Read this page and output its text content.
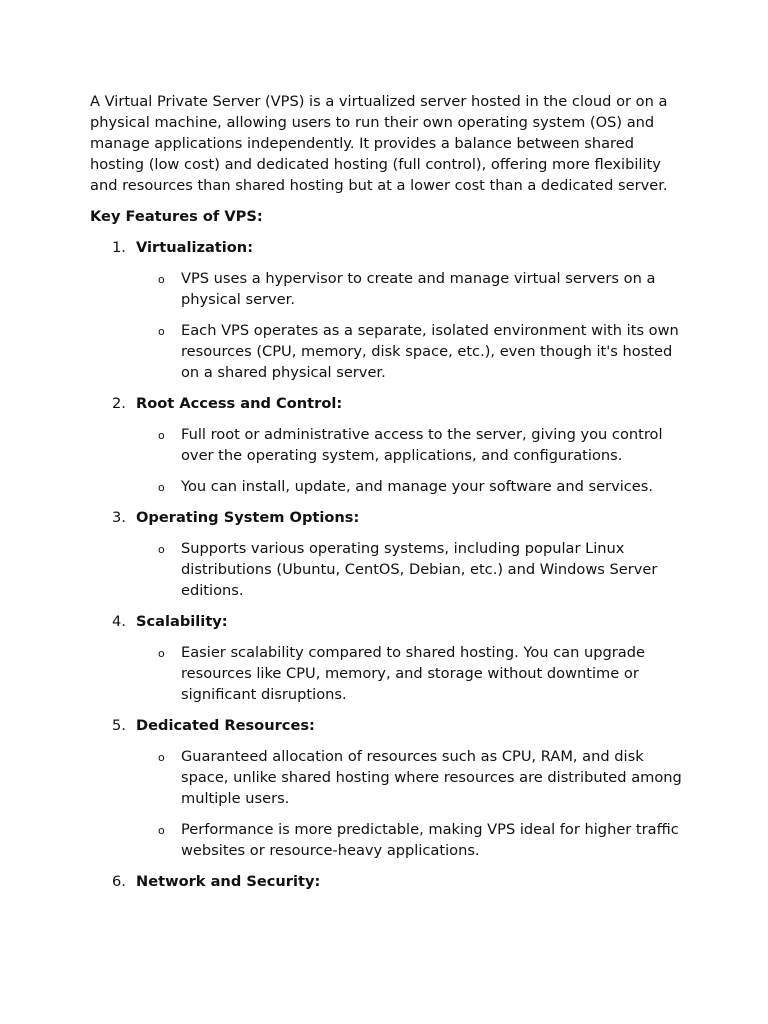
A Virtual Private Server (VPS) is a virtualized server hosted in the cloud or on a physical machine, allowing users to run their own operating system (OS) and manage applications independently. It provides a balance between shared hosting (low cost) and dedicated hosting (full control), offering more flexibility and resources than shared hosting but at a lower cost than a dedicated server.

Key Features of VPS:
1. Virtualization:
o VPS uses a hypervisor to create and manage virtual servers on a physical server.
o Each VPS operates as a separate, isolated environment with its own resources (CPU, memory, disk space, etc.), even though it's hosted on a shared physical server.
2. Root Access and Control:
o Full root or administrative access to the server, giving you control over the operating system, applications, and configurations.
o You can install, update, and manage your software and services.
3. Operating System Options:
o Supports various operating systems, including popular Linux distributions (Ubuntu, CentOS, Debian, etc.) and Windows Server editions.
4. Scalability:
o Easier scalability compared to shared hosting. You can upgrade resources like CPU, memory, and storage without downtime or significant disruptions.
5. Dedicated Resources:
o Guaranteed allocation of resources such as CPU, RAM, and disk space, unlike shared hosting where resources are distributed among multiple users.
o Performance is more predictable, making VPS ideal for higher traffic websites or resource-heavy applications.
6. Network and Security:
